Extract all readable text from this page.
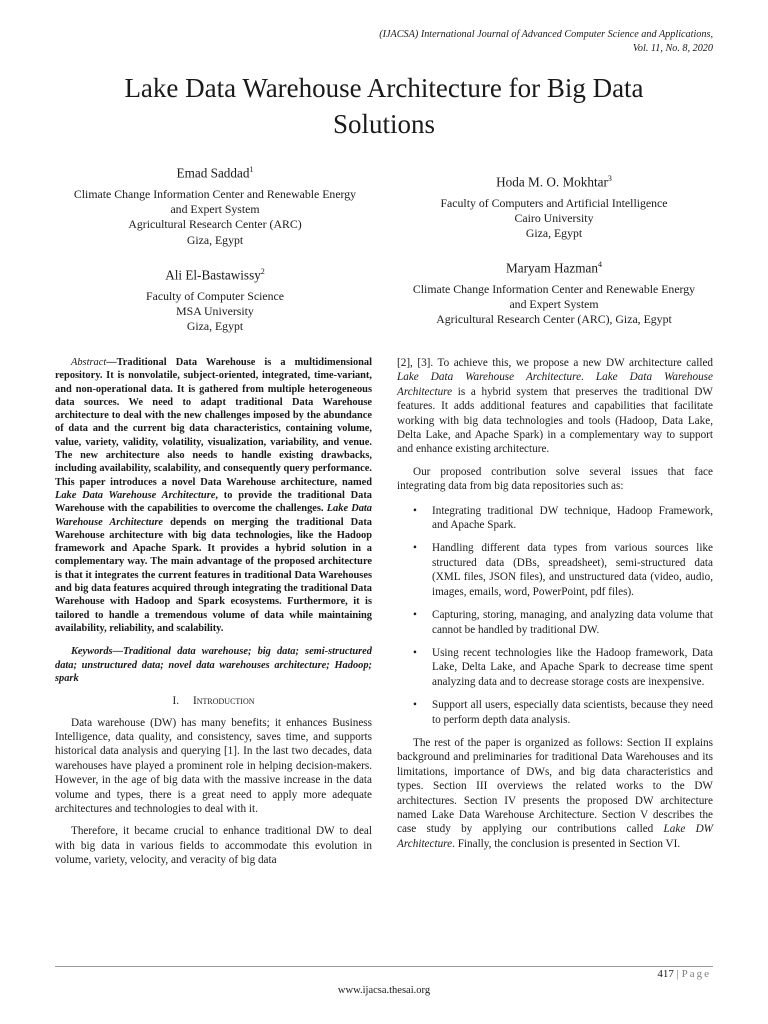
(IJACSA) International Journal of Advanced Computer Science and Applications,
Vol. 11, No. 8, 2020
Lake Data Warehouse Architecture for Big Data
Solutions
Emad Saddad$^1$
Climate Change Information Center and Renewable Energy
and Expert System
Agricultural Research Center (ARC)
Giza, Egypt
Hoda M. O. Mokhtar$^3$
Faculty of Computers and Artificial Intelligence
Cairo University
Giza, Egypt
Ali El-Bastawissy$^2$
Faculty of Computer Science
MSA University
Giza, Egypt
Maryam Hazman$^4$
Climate Change Information Center and Renewable Energy
and Expert System
Agricultural Research Center (ARC), Giza, Egypt

Abstract—Traditional Data Warehouse is a multidimensional repository. It is nonvolatile, subject-oriented, integrated, time-variant, and non-operational data. It is gathered from multiple heterogeneous data sources. We need to adapt traditional Data Warehouse architecture to deal with the new challenges imposed by the abundance of data and the current big data characteristics, containing volume, value, variety, validity, volatility, visualization, variability, and venue. The new architecture also needs to handle existing drawbacks, including availability, scalability, and consequently query performance. This paper introduces a novel Data Warehouse architecture, named Lake Data Warehouse Architecture, to provide the traditional Data Warehouse with the capabilities to overcome the challenges. Lake Data Warehouse Architecture depends on merging the traditional Data Warehouse architecture with big data technologies, like the Hadoop framework and Apache Spark. It provides a hybrid solution in a complementary way. The main advantage of the proposed architecture is that it integrates the current features in traditional Data Warehouses and big data features acquired through integrating the traditional Data Warehouse with Hadoop and Spark ecosystems. Furthermore, it is tailored to handle a tremendous volume of data while maintaining availability, reliability, and scalability.

Keywords—Traditional data warehouse; big data; semi-structured data; unstructured data; novel data warehouses architecture; Hadoop; spark

I. Introduction

Data warehouse (DW) has many benefits; it enhances Business Intelligence, data quality, and consistency, saves time, and supports historical data analysis and querying [1]. In the last two decades, data warehouses have played a prominent role in helping decision-makers. However, in the age of big data with the massive increase in the data volume and types, there is a great need to apply more adequate architectures and technologies to deal with it.

Therefore, it became crucial to enhance traditional DW to deal with big data in various fields to accommodate this evolution in volume, variety, velocity, and veracity of big data

[2], [3]. To achieve this, we propose a new DW architecture called Lake Data Warehouse Architecture. Lake Data Warehouse Architecture is a hybrid system that preserves the traditional DW features. It adds additional features and capabilities that facilitate working with big data technologies and tools (Hadoop, Data Lake, Delta Lake, and Apache Spark) in a complementary way to support and enhance existing architecture.

Our proposed contribution solve several issues that face integrating data from big data repositories such as:

• Integrating traditional DW technique, Hadoop Framework, and Apache Spark.
• Handling different data types from various sources like structured data (DBs, spreadsheet), semi-structured data (XML files, JSON files), and unstructured data (video, audio, images, emails, word, PowerPoint, pdf files).
• Capturing, storing, managing, and analyzing data volume that cannot be handled by traditional DW.
• Using recent technologies like the Hadoop framework, Data Lake, Delta Lake, and Apache Spark to decrease time spent analyzing data and to decrease storage costs are inexpensive.
• Support all users, especially data scientists, because they need to perform depth data analysis.

The rest of the paper is organized as follows: Section II explains background and preliminaries for traditional Data Warehouses and its limitations, importance of DWs, and big data characteristics and types. Section III overviews the related works to the DW architectures. Section IV presents the proposed DW architecture named Lake Data Warehouse Architecture. Section V describes the case study by applying our contributions called Lake DW Architecture. Finally, the conclusion is presented in Section VI.

417 | Page
www.ijacsa.thesai.org
